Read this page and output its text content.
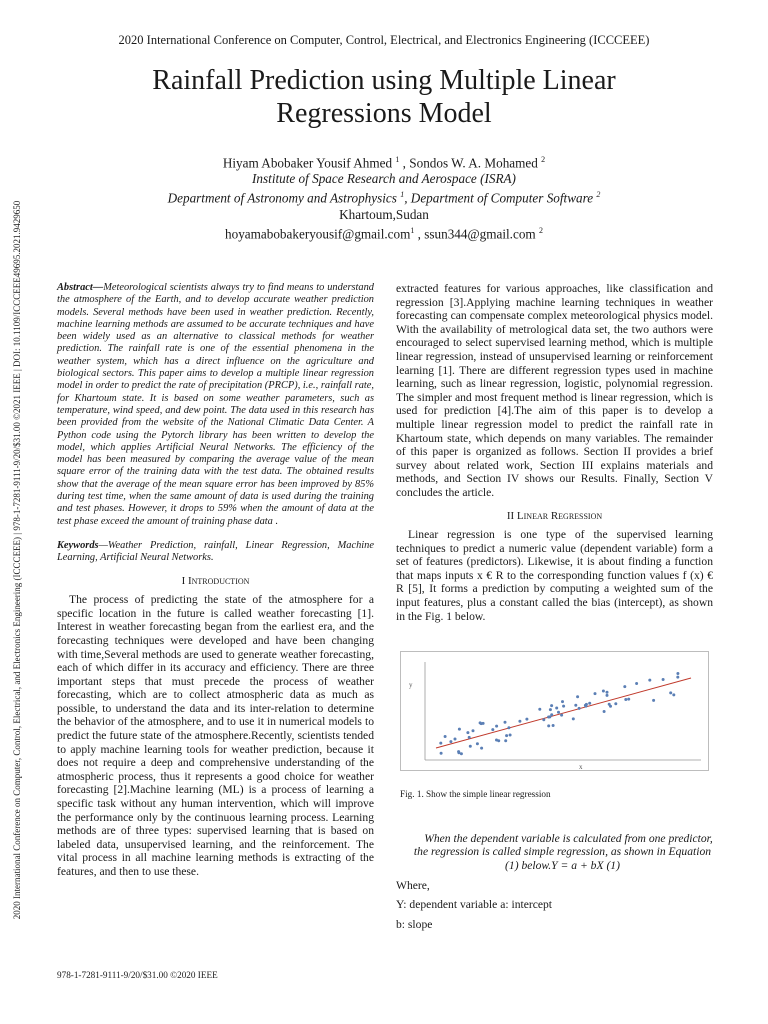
2020 International Conference on Computer, Control, Electrical, and Electronics Engineering (ICCCEEE)
Rainfall Prediction using Multiple Linear Regressions Model
Hiyam Abobaker Yousif Ahmed $^1$ , Sondos W. A. Mohamed $^2$
Institute of Space Research and Aerospace (ISRA)
Department of Astronomy and Astrophysics $^1$, Department of Computer Software $^2$
Khartoum,Sudan
hoyamabobakeryousif@gmail.com$^1$ , ssun344@gmail.com $^2$
2020 International Conference on Computer, Control, Electrical, and Electronics Engineering (ICCCEEE) | 978-1-7281-9111-9/20/$31.00 ©2021 IEEE | DOI: 10.1109/ICCCEEE49695.2021.9429650	Abstract—Meteorological scientists always try to find means to understand the atmosphere of the Earth, and to develop accurate weather prediction models. Several methods have been used in weather prediction. Recently, machine learning methods are assumed to be accurate techniques and have been widely used as an alternative to classical methods for weather prediction. The rainfall rate is one of the essential phenomena in the weather system, which has a direct influence on the agriculture and biological sectors. This paper aims to develop a multiple linear regression model in order to predict the rate of precipitation (PRCP), i.e., rainfall rate, for Khartoum state. It is based on some weather parameters, such as temperature, wind speed, and dew point. The data used in this research has been provided from the website of the National Climatic Data Center. A Python code using the Pytorch library has been written to develop the model, which applies Artificial Neural Networks. The efficiency of the model has been measured by comparing the average value of the mean square error of the training data with the test data. The obtained results show that the average of the mean square error has been improved by 85% during test time, when the same amount of data is used during the training and test phases. However, it drops to 59% when the amount of data at the test phase exceed the amount of training phase data .
Keywords—Weather Prediction, rainfall, Linear Regression, Machine Learning, Artificial Neural Networks.
I Introduction

The process of predicting the state of the atmosphere for a specific location in the future is called weather forecasting [1]. Interest in weather forecasting began from the earliest era, and the forecasting techniques were developed and have been changing with time,Several methods are used to generate weather forecasting, each of which differ in its accuracy and efficiency. There are three important steps that must precede the process of weather forecasting, which are to collect atmospheric data as much as possible, to understand the data and its inter-relation to determine the behavior of the atmosphere, and to use it in numerical models to predict the future state of the atmosphere.Recently, scientists tended to apply machine learning tools for weather prediction, because it does not require a deep and comprehensive understanding of the atmospheric process, thus it represents a good choice for weather forecasting [2].Machine learning (ML) is a process of learning a specific task without any human intervention, which will improve the performance only by the continuous learning process. Learning methods are of three types: supervised learning that is based on labeled data, unsupervised learning, and the reinforcement. The vital process in all machine learning methods is extracting of the features, and then to use these.

extracted features for various approaches, like classification and regression [3].Applying machine learning techniques in weather forecasting can compensate complex meteorological physics model. With the availability of metrological data set, the two authors were encouraged to select supervised learning method, which is multiple linear regression, instead of unsupervised learning or reinforcement learning [1]. There are different regression types used in machine learning, such as linear regression, logistic, polynomial regression. The simpler and most frequent method is linear regression, which is used for prediction [4].The aim of this paper is to develop a multiple linear regression model to predict the rainfall rate in Khartoum state, which depends on many variables. The remainder of this paper is organized as follows. Section II provides a brief survey about related work, Section III explains materials and methods, and Section IV shows our Results. Finally, Section V concludes the article.

II Linear Regression

Linear regression is one type of the supervised learning techniques to predict a numeric value (dependent variable) form a set of features (predictors). Likewise, it is about finding a function that maps inputs x € R to the corresponding function values f (x) € R [5], It forms a prediction by computing a weighted sum of the input features, plus a constant called the bias (intercept), as shown in the Fig. 1 below.

y
x
Fig. 1. Show the simple linear regression

When the dependent variable is calculated from one predictor, the regression is called simple regression, as shown in Equation (1) below.Y = a + bX (1)

Where,

Y: dependent variable a: intercept

b: slope

978-1-7281-9111-9/20/$31.00 ©2020 IEEE
